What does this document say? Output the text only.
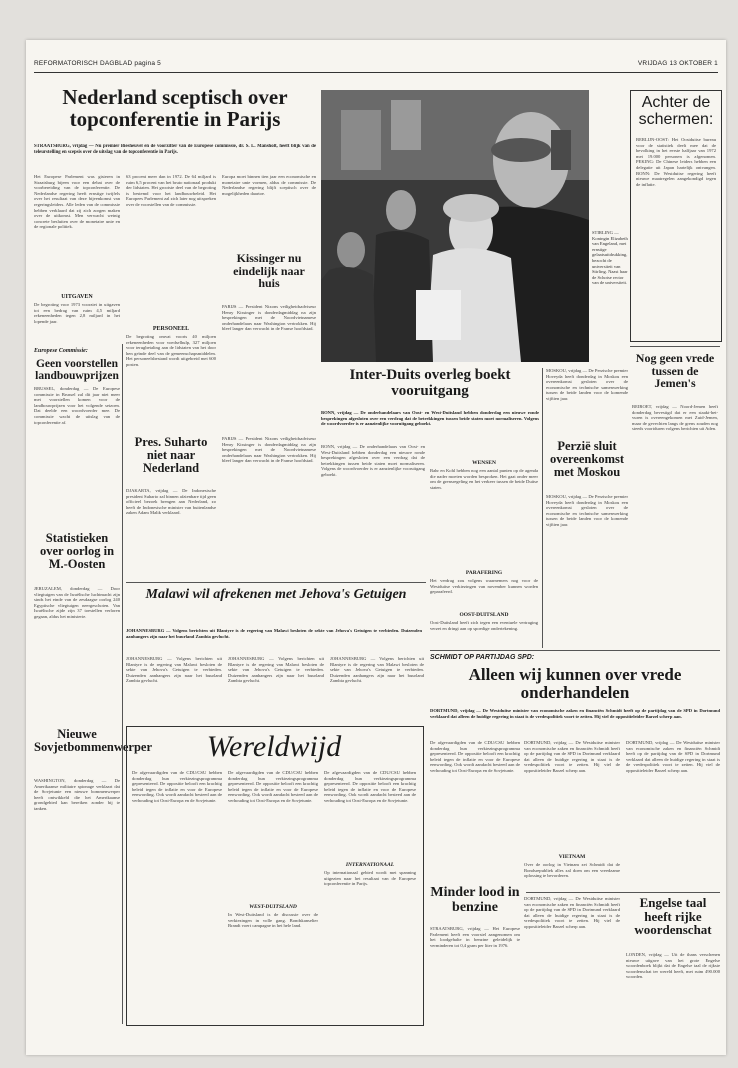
REFORMATORISCH DAGBLAD pagina 5	VRIJDAG 13 OKTOBER 1
Nederland sceptisch over topconferentie in Parijs
STRAATSBURG, vrijdag — Nu premier Biesheuvel en de voorzitter van de Europese commissie, dr. S. L. Mansholt, heeft blijk van de teleurstelling en scepsis over de uitslag van de topconferentie in Parijs.
Het Europese Parlement was gisteren in Straatsburg bijeen voor een debat over de voorbereiding van de topconferentie. De Nederlandse regering heeft ernstige twijfels over het resultaat van deze bijeenkomst van regeringsleiders. Alle leden van de commissie hebben verklaard dat zij zich zorgen maken over de uitkomst. Men verwacht weinig concrete besluiten over de monetaire unie en de regionale politiek.
UITGAVEN
De begroting voor 1973 voorziet in uitgaven tot een bedrag van ruim 4,5 miljard rekeneenheden tegen 2,8 miljard in het lopende jaar.
63 procent meer dan in 1972. De 64 miljard is ruim 6,5 procent van het bruto nationaal produkt der lidstaten. Het grootste deel van de begroting is bestemd voor het landbouwbeleid. Het Europees Parlement zal zich later nog uitspreken over de voorstellen van de commissie.
PERSONEEL
De begroting omvat voorts 40 miljoen rekeneenheden voor voedselhulp, 327 miljoen voor terugbetaling aan de lidstaten van het door hen geïnde deel van de gemeenschapsmiddelen. Het personeelsbestand wordt uitgebreid met 600 posten.
Europa moet binnen tien jaar een economische en monetaire unie vormen, aldus de commissie. De Nederlandse regering blijft sceptisch over de mogelijkheden daartoe.
Kissinger nu eindelijk naar huis
PARIJS — President Nixons veiligheidsadviseur Henry Kissinger is donderdagmiddag na zijn besprekingen met de Noordvietnamese onderhandelaars naar Washington vertrokken. Hij bleef langer dan verwacht in de Franse hoofdstad.
Europese Commissie:
Geen voorstellen landbouwprijzen
BRUSSEL, donderdag — De Europese commissie in Brussel zal dit jaar niet meer met voorstellen komen voor de landbouwprijzen voor het volgende seizoen. Dat deelde een woordvoerder mee. De commissie wacht de uitslag van de topconferentie af.
Statistieken over oorlog in M.-Oosten
JERUZALEM, donderdag — Door vliegtuigen van de Israëlische luchtmacht zijn sinds het einde van de zesdaagse oorlog 240 Egyptische vliegtuigen neergeschoten. Van Israëlische zijde zijn 37 toestellen verloren gegaan, aldus het ministerie.
Nieuwe Sovjetbommenwerper
WASHINGTON, donderdag — De Amerikaanse militaire spionage verklaart dat de Sovjetunie een nieuwe bommenwerper heeft ontwikkeld die het Amerikaanse grondgebied kan bereiken zonder bij te tanken.
Pres. Suharto niet naar Nederland
DJAKARTA, vrijdag — De Indonesische president Suharto zal binnen afzienbare tijd geen officieel bezoek brengen aan Nederland, zo heeft de Indonesische minister van buitenlandse zaken Adam Malik verklaard.
PARIJS — President Nixons veiligheidsadviseur Henry Kissinger is donderdagmiddag na zijn besprekingen met de Noordvietnamese onderhandelaars naar Washington vertrokken. Hij bleef langer dan verwacht in de Franse hoofdstad.
STIRLING — Koningin Elizabeth van Engeland, met ernstige gelaatsuitdrukking, bezocht de universiteit van Stirling. Naast haar de Schotse rector van de universiteit.
Achter de schermen:
BERLIJN-OOST: Het Oostduitse bureau voor de statistiek deelt mee dat de bevolking in het eerste halfjaar van 1972 met 19.000 personen is afgenomen. PEKING: De Chinese leiders hebben een delegatie uit Japan hartelijk ontvangen. BONN: De Westduitse regering heeft nieuwe maatregelen aangekondigd tegen de inflatie.
Inter-Duits overleg boekt vooruitgang
BONN, vrijdag — De onderhandelaars van Oost- en West-Duitsland hebben donderdag een nieuwe ronde besprekingen afgesloten over een verdrag dat de betrekkingen tussen beide staten moet normaliseren. Volgens de woordvoerder is er aanzienlijke vooruitgang geboekt.
BONN, vrijdag — De onderhandelaars van Oost- en West-Duitsland hebben donderdag een nieuwe ronde besprekingen afgesloten over een verdrag dat de betrekkingen tussen beide staten moet normaliseren. Volgens de woordvoerder is er aanzienlijke vooruitgang geboekt.
WENSEN
Bahr en Kohl hebben nog een aantal punten op de agenda die nader moeten worden besproken. Het gaat onder meer om de grensregeling en het verkeer tussen de beide Duitse staten.
PARAFERING
Het verdrag zou volgens waarnemers nog voor de Westduitse verkiezingen van november kunnen worden geparafeerd.
OOST-DUITSLAND
Oost-Duitsland heeft zich tegen een eventuele vertraging verzet en dringt aan op spoedige ondertekening.
MOSKOU, vrijdag — De Perzische premier Hoveyda heeft donderdag in Moskou een overeenkomst gesloten over de economische en technische samenwerking tussen de beide landen voor de komende vijftien jaar.
Perzië sluit overeenkomst met Moskou
MOSKOU, vrijdag — De Perzische premier Hoveyda heeft donderdag in Moskou een overeenkomst gesloten over de economische en technische samenwerking tussen de beide landen voor de komende vijftien jaar.
Nog geen vrede tussen de Jemen's
BEIROET, vrijdag — Noord-Jemen heeft donderdag bevestigd dat er een staakt-het-vuren is overeengekomen met Zuid-Jemen, maar de gevechten langs de grens zouden nog steeds voortduren volgens berichten uit Aden.
SCHMIDT OP PARTIJDAG SPD:
Alleen wij kunnen over vrede onderhandelen
DORTMUND, vrijdag — De Westduitse minister van economische zaken en financiën Schmidt heeft op de partijdag van de SPD in Dortmund verklaard dat alleen de huidige regering in staat is de vredespolitiek voort te zetten. Hij viel de oppositieleider Barzel scherp aan.
DORTMUND, vrijdag — De Westduitse minister van economische zaken en financiën Schmidt heeft op de partijdag van de SPD in Dortmund verklaard dat alleen de huidige regering in staat is de vredespolitiek voort te zetten. Hij viel de oppositieleider Barzel scherp aan.
VIETNAM
Over de oorlog in Vietnam zei Schmidt dat de Bondsrepubliek alles zal doen om een vreedzame oplossing te bevorderen.
DORTMUND, vrijdag — De Westduitse minister van economische zaken en financiën Schmidt heeft op de partijdag van de SPD in Dortmund verklaard dat alleen de huidige regering in staat is de vredespolitiek voort te zetten. Hij viel de oppositieleider Barzel scherp aan.
Malawi wil afrekenen met Jehova's Getuigen
JOHANNESBURG — Volgens berichten uit Blantyre is de regering van Malawi besloten de sekte van Jehova's Getuigen te verbieden. Duizenden aanhangers zijn naar het buurland Zambia gevlucht.
JOHANNESBURG — Volgens berichten uit Blantyre is de regering van Malawi besloten de sekte van Jehova's Getuigen te verbieden. Duizenden aanhangers zijn naar het buurland Zambia gevlucht.
JOHANNESBURG — Volgens berichten uit Blantyre is de regering van Malawi besloten de sekte van Jehova's Getuigen te verbieden. Duizenden aanhangers zijn naar het buurland Zambia gevlucht.
JOHANNESBURG — Volgens berichten uit Blantyre is de regering van Malawi besloten de sekte van Jehova's Getuigen te verbieden. Duizenden aanhangers zijn naar het buurland Zambia gevlucht.
Wereldwijd
De afgevaardigden van de CDU/CSU hebben donderdag hun verkiezingsprogramma gepresenteerd. De oppositie belooft een krachtig beleid tegen de inflatie en voor de Europese eenwording. Ook wordt aandacht besteed aan de verhouding tot Oost-Europa en de Sovjetunie.
De afgevaardigden van de CDU/CSU hebben donderdag hun verkiezingsprogramma gepresenteerd. De oppositie belooft een krachtig beleid tegen de inflatie en voor de Europese eenwording. Ook wordt aandacht besteed aan de verhouding tot Oost-Europa en de Sovjetunie.
WEST-DUITSLAND
In West-Duitsland is de discussie over de verkiezingen in volle gang. Bondskanselier Brandt voert campagne in het hele land.
De afgevaardigden van de CDU/CSU hebben donderdag hun verkiezingsprogramma gepresenteerd. De oppositie belooft een krachtig beleid tegen de inflatie en voor de Europese eenwording. Ook wordt aandacht besteed aan de verhouding tot Oost-Europa en de Sovjetunie.
INTERNATIONAAL
Op internationaal gebied wordt met spanning uitgezien naar het resultaat van de Europese topconferentie in Parijs.
Minder lood in benzine
STRAATSBURG, vrijdag — Het Europese Parlement heeft een voorstel aangenomen om het loodgehalte in benzine geleidelijk te verminderen tot 0,4 gram per liter in 1976.
De afgevaardigden van de CDU/CSU hebben donderdag hun verkiezingsprogramma gepresenteerd. De oppositie belooft een krachtig beleid tegen de inflatie en voor de Europese eenwording. Ook wordt aandacht besteed aan de verhouding tot Oost-Europa en de Sovjetunie.
Engelse taal heeft rijke woordenschat
LONDEN, vrijdag — Uit de thans verschenen nieuwe uitgave van het grote Engelse woordenboek blijkt dat de Engelse taal de rijkste woordenschat ter wereld heeft, met ruim 490.000 woorden.
DORTMUND, vrijdag — De Westduitse minister van economische zaken en financiën Schmidt heeft op de partijdag van de SPD in Dortmund verklaard dat alleen de huidige regering in staat is de vredespolitiek voort te zetten. Hij viel de oppositieleider Barzel scherp aan.
